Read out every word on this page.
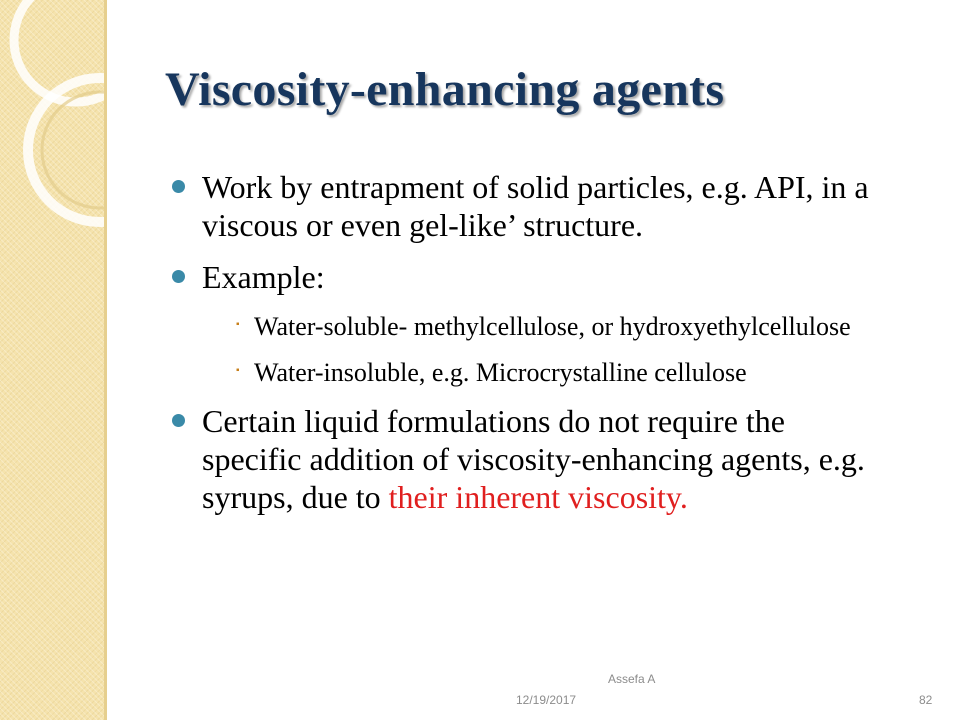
Viscosity-enhancing agents
Work by entrapment of solid particles, e.g. API, in a viscous or even gel-like’ structure.
Example:
▪ Water-soluble- methylcellulose, or hydroxyethylcellulose
▪ Water-insoluble, e.g. Microcrystalline cellulose
Certain liquid formulations do not require the specific addition of viscosity-enhancing agents, e.g. syrups, due to their inherent viscosity.
Assefa A
12/19/2017	82
